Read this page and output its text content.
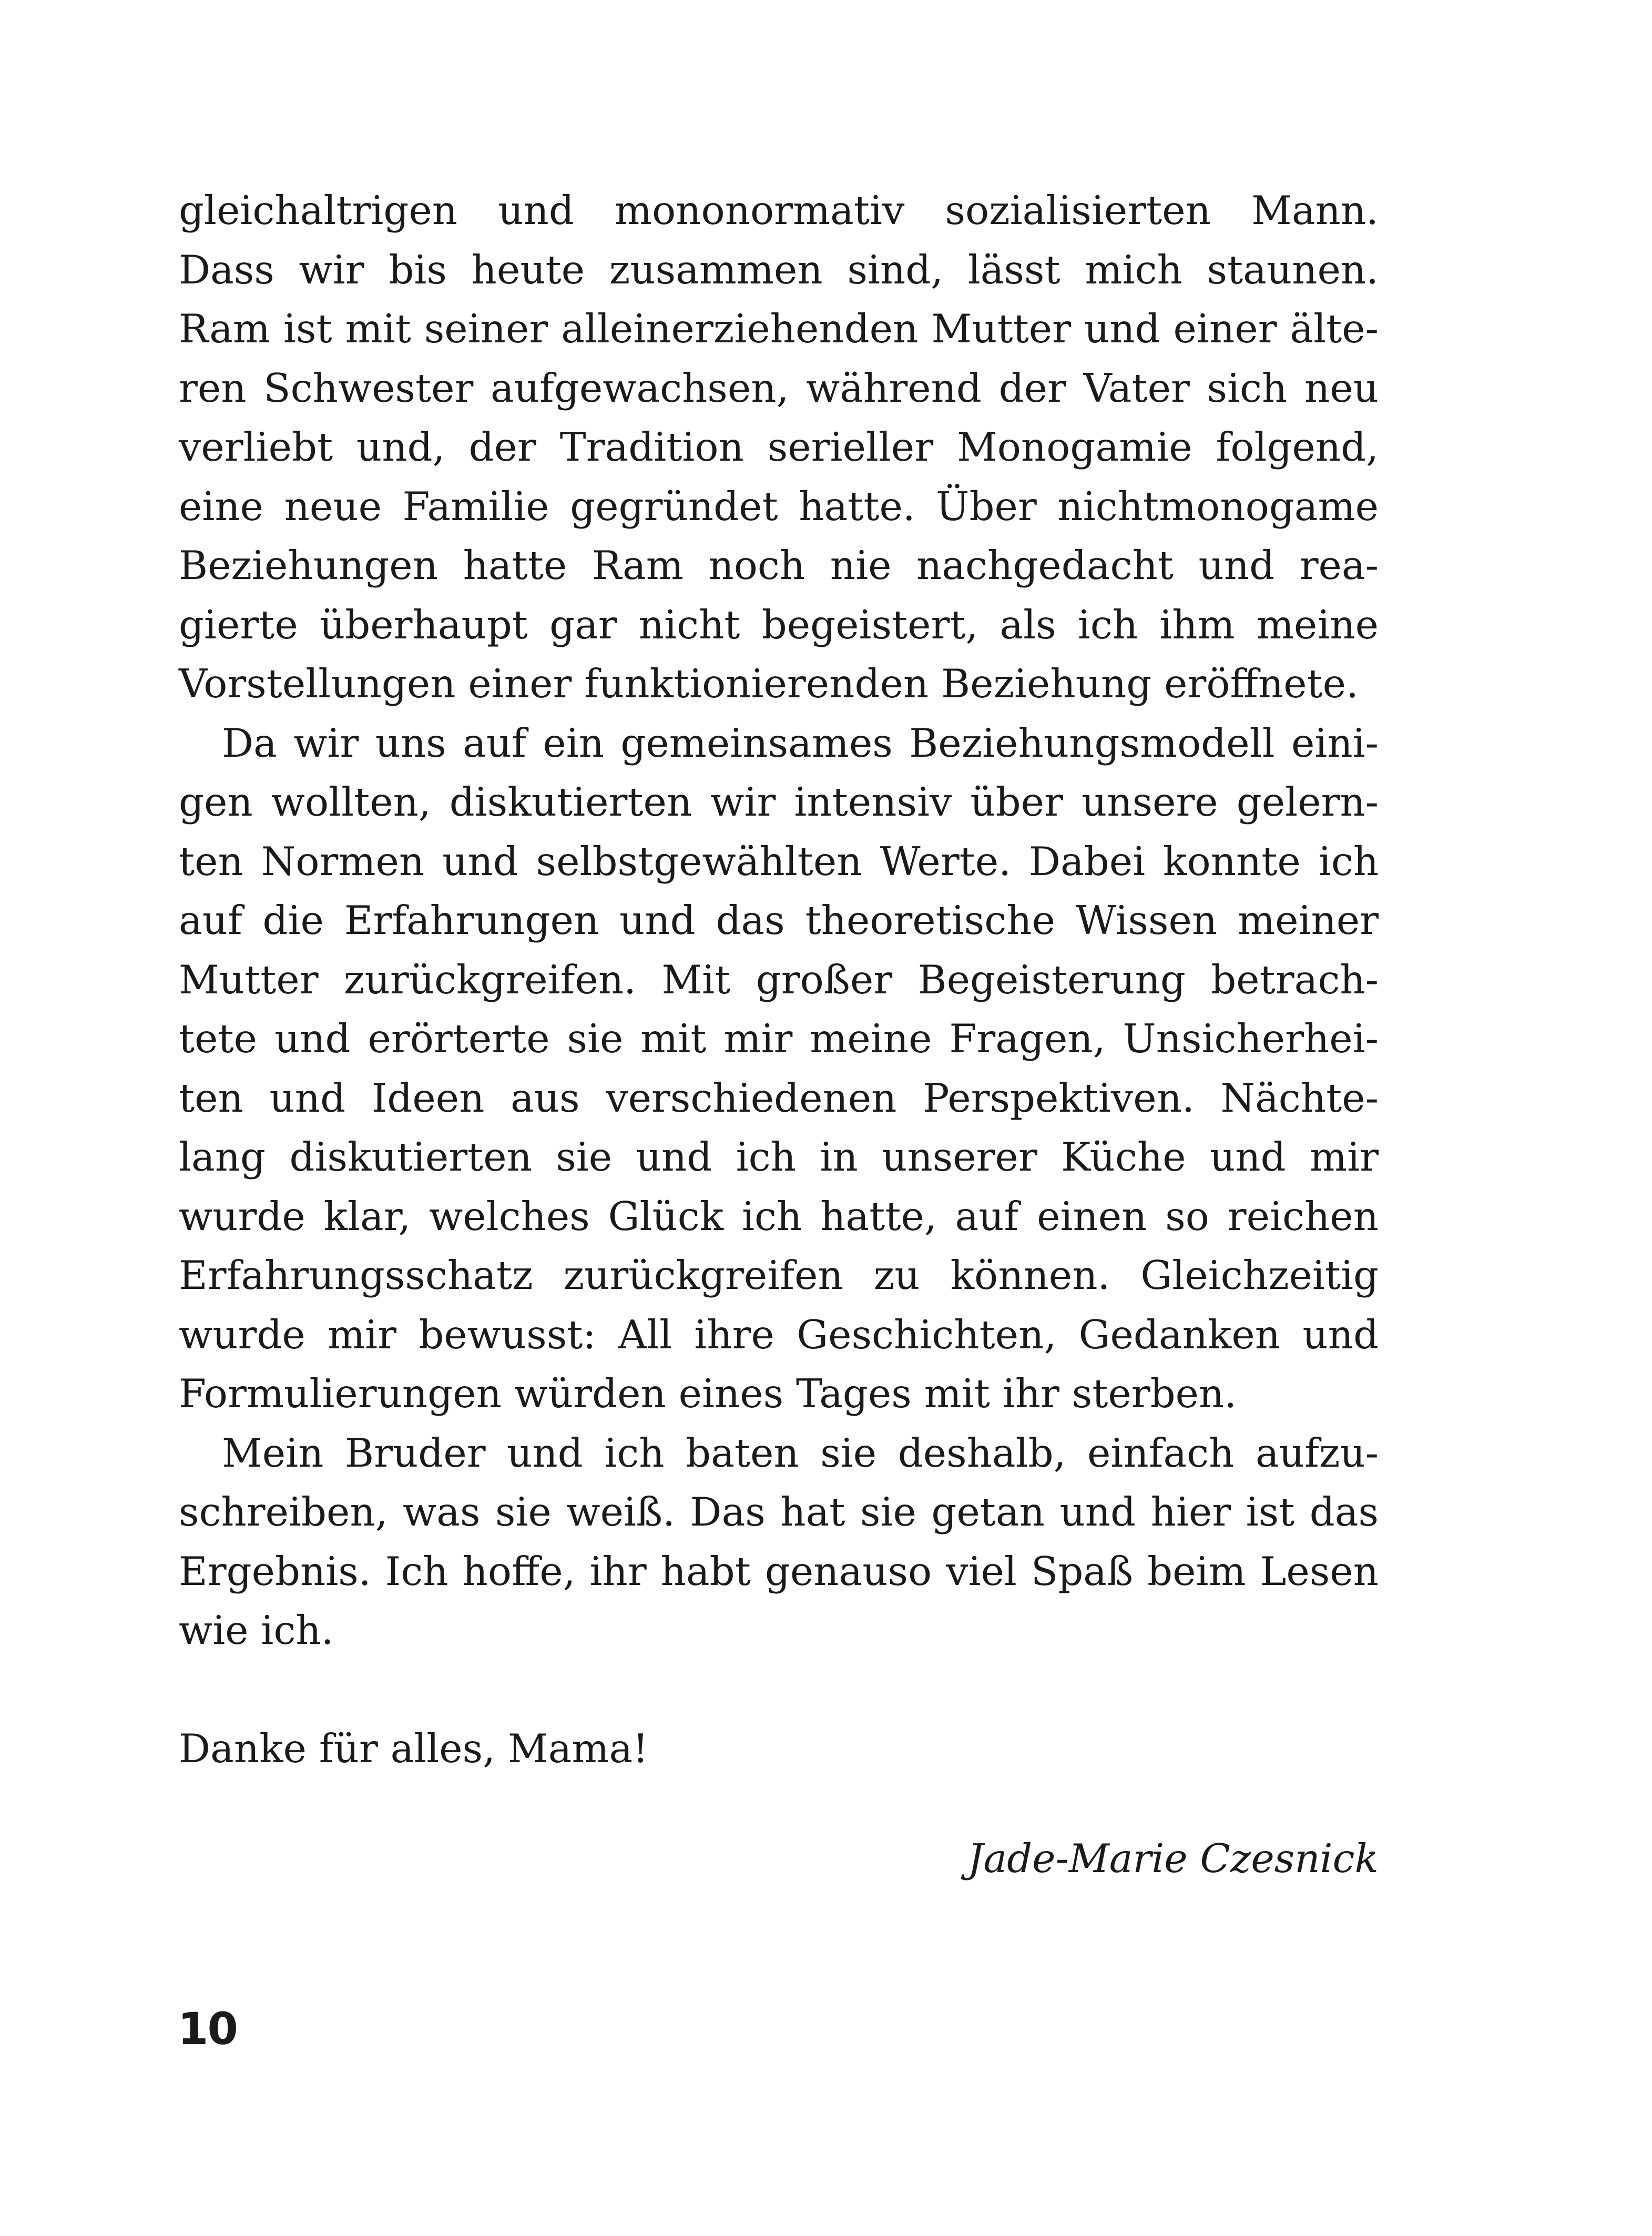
gleichaltrigen und mononormativ sozialisierten Mann.
Dass wir bis heute zusammen sind, lässt mich staunen.
Ram ist mit seiner alleinerziehenden Mutter und einer älte-
ren Schwester aufgewachsen, während der Vater sich neu
verliebt und, der Tradition serieller Monogamie folgend,
eine neue Familie gegründet hatte. Über nichtmonogame
Beziehungen hatte Ram noch nie nachgedacht und rea-
gierte überhaupt gar nicht begeistert, als ich ihm meine
Vorstellungen einer funktionierenden Beziehung eröffnete.
Da wir uns auf ein gemeinsames Beziehungsmodell eini-
gen wollten, diskutierten wir intensiv über unsere gelern-
ten Normen und selbstgewählten Werte. Dabei konnte ich
auf die Erfahrungen und das theoretische Wissen meiner
Mutter zurückgreifen. Mit großer Begeisterung betrach-
tete und erörterte sie mit mir meine Fragen, Unsicherhei-
ten und Ideen aus verschiedenen Perspektiven. Nächte-
lang diskutierten sie und ich in unserer Küche und mir
wurde klar, welches Glück ich hatte, auf einen so reichen
Erfahrungsschatz zurückgreifen zu können. Gleichzeitig
wurde mir bewusst: All ihre Geschichten, Gedanken und
Formulierungen würden eines Tages mit ihr sterben.
Mein Bruder und ich baten sie deshalb, einfach aufzu-
schreiben, was sie weiß. Das hat sie getan und hier ist das
Ergebnis. Ich hoffe, ihr habt genauso viel Spaß beim Lesen
wie ich.
Danke für alles, Mama!
Jade-Marie Czesnick
10
